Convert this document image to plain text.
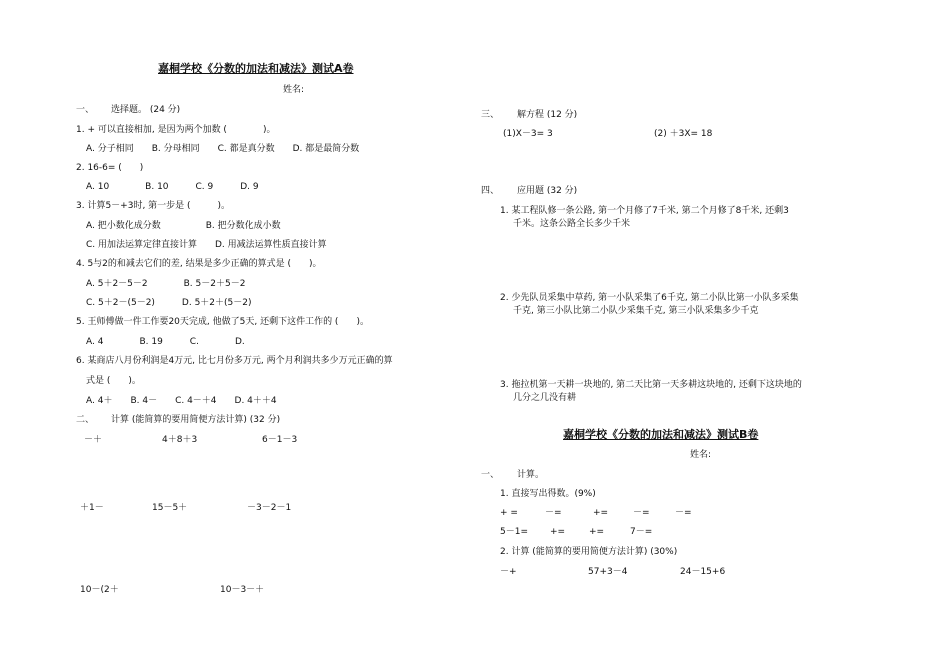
嘉桐学校《分数的加法和减法》测试A卷
姓名:
一、 选择题。 (24 分)
1. + 可以直接相加, 是因为两个加数 (　　　　)。
A. 分子相同　　B. 分母相同　　C. 都是真分数　　D. 都是最简分数
2. 16-6= (　　)
A. 10　　　　B. 10　　　C. 9　　　D. 9
3. 计算5－+3时, 第一步是 (　　　)。
A. 把小数化成分数　　　　　B. 把分数化成小数
C. 用加法运算定律直接计算　　D. 用减法运算性质直接计算
4. 5与2的和减去它们的差, 结果是多少正确的算式是 (　　)。
A. 5＋2－5－2　　　　B. 5－2＋5－2
C. 5＋2－(5－2)　　　D. 5＋2＋(5－2)
5. 王师傅做一件工作要20天完成, 他做了5天, 还剩下这件工作的 (　　)。
A. 4　　　　B. 19　　　C.　　　　D.
6. 某商店八月份利润是4万元, 比七月份多万元, 两个月利润共多少万元正确的算
式是 (　　)。
A. 4＋　　B. 4－　　C. 4－＋4　　D. 4＋＋4
二、 计算 (能简算的要用简便方法计算) (32 分)
－＋	4＋8＋3	6－1－3
＋1－	15－5＋	－3－2－1
10－(2＋	10－3－＋
三、 解方程 (12 分)
(1)X－3= 3	(2) ＋3X= 18
四、 应用题 (32 分)
1. 某工程队修一条公路, 第一个月修了7千米, 第二个月修了8千米, 还剩3
千米。这条公路全长多少千米
2. 少先队员采集中草药, 第一小队采集了6千克, 第二小队比第一小队多采集
千克, 第三小队比第二小队少采集千克, 第三小队采集多少千克
3. 拖拉机第一天耕一块地的, 第二天比第一天多耕这块地的, 还剩下这块地的
几分之几没有耕
嘉桐学校《分数的加法和减法》测试B卷
姓名:
一、 计算。
1. 直接写出得数。(9%)
+ =	－=	+=	－=	－=
5－1= +=	+=	7－=
2. 计算 (能简算的要用简便方法计算) (30%)
－+	57+3－4	24－15+6
